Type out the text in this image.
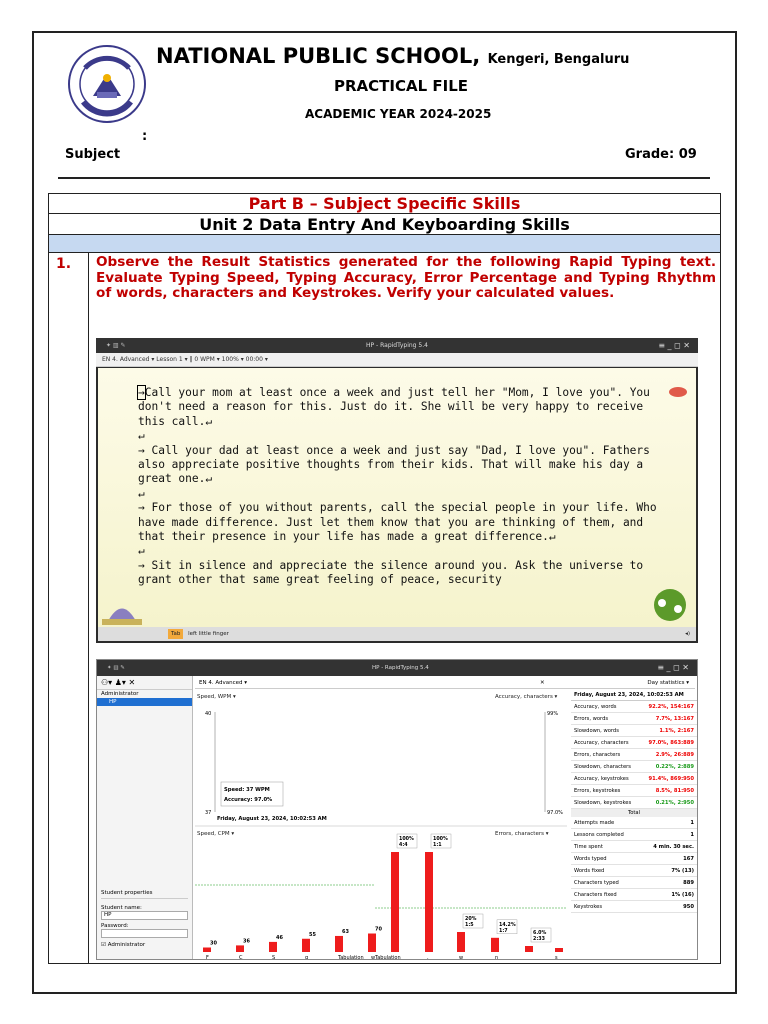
NATIONAL PUBLIC SCHOOL, Kengeri, Bengaluru
PRACTICAL FILE
ACADEMIC YEAR 2024-2025
:
Subject	Grade: 09
Part B – Subject Specific Skills
Unit 2 Data Entry And Keyboarding Skills
1.	Observe the Result Statistics generated for the following Rapid Typing text. Evaluate Typing Speed, Typing Accuracy, Error Percentage and Typing Rhythm of words, characters and Keystrokes. Verify your calculated values.
✦ ▥ ✎	HP - RapidTyping 5.4	≡ _ ◻ ✕
EN 4. Advanced ▾ Lesson 1 ▾ ‖ 0 WPM ▾ 100% ▾ 00:00 ▾
→Call your mom at least once a week and just tell her "Mom, I love you". You don't need a reason for this. Just do it. She will be very happy to receive this call.↵
↵
→ Call your dad at least once a week and just say "Dad, I love you". Fathers also appreciate positive thoughts from their kids. That will make his day a great one.↵
↵
→ For those of you without parents, call the special people in your life. Who have made difference. Just let them know that you are thinking of them, and that their presence in your life has made a great difference.↵
↵
→ Sit in silence and appreciate the silence around you. Ask the universe to grant other that same great feeling of peace, security
Tab left little finger	◂)
✦ ▥ ✎	HP - RapidTyping 5.4	≡ _ ◻ ✕
⚇▾ ♟▾ ✕
Administrator
HP
Student properties
Student name:
HP
Password:
☑ Administrator
EN 4. Advanced ▾	✕	Day statistics ▾
Speed, WPM ▾	Accuracy, characters ▾
40
37
99%
97.0%
Speed: 37 WPM
Accuracy: 97.0%
Friday, August 23, 2024, 10:02:53 AM
Speed, CPM ▾	Errors, characters ▾
30
F
36
C
46
S
55
q
63
Tabulation
70
w
100%
4:4
100%
1:1
20%
1:5	14.2%
1:7	6.0%
2:33
Tabulation	,	w	n	s
Friday, August 23, 2024, 10:02:53 AM
Accuracy, words	92.2%, 154:167
Errors, words	7.7%, 13:167
Slowdown, words	1.1%, 2:167
Accuracy, characters	97.0%, 863:889
Errors, characters	2.9%, 26:889
Slowdown, characters	0.22%, 2:889
Accuracy, keystrokes	91.4%, 869:950
Errors, keystrokes	8.5%, 81:950
Slowdown, keystrokes	0.21%, 2:950
Total
Attempts made	1
Lessons completed	1
Time spent	4 min. 30 sec.
Words typed	167
Words fixed	7% (13)
Characters typed	889
Characters fixed	1% (16)
Keystrokes	950
